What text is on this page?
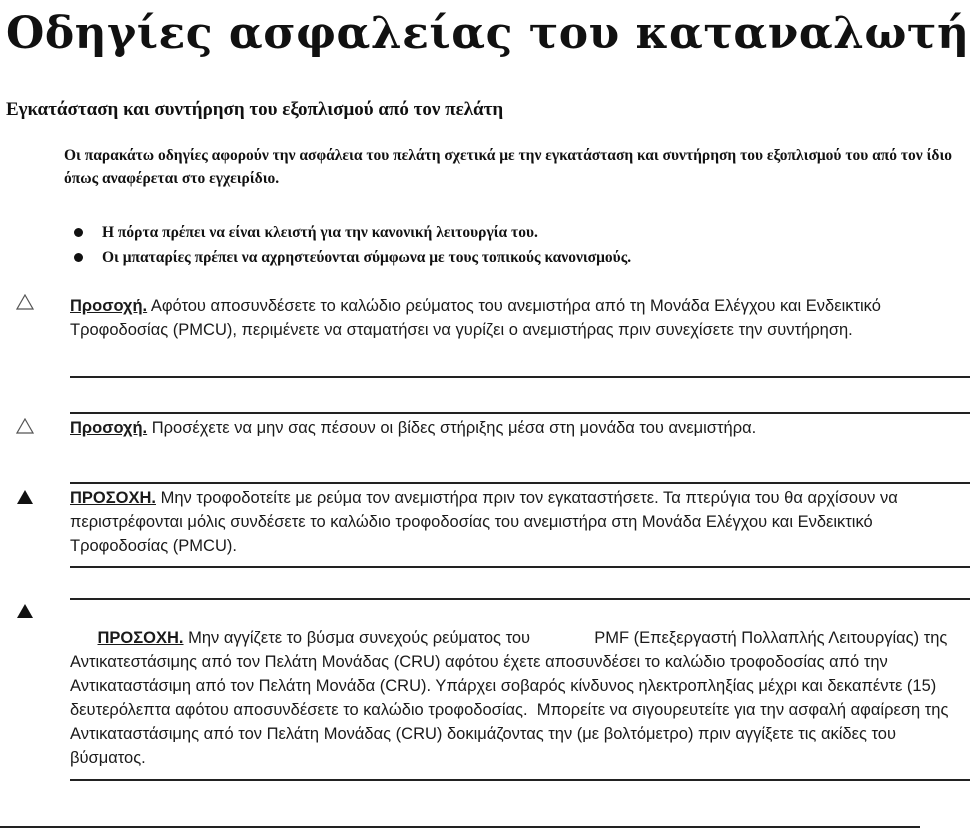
Οδηγίες ασφαλείας του καταναλωτή
Εγκατάσταση και συντήρηση του εξοπλισμού από τον πελάτη
Οι παρακάτω οδηγίες αφορούν την ασφάλεια του πελάτη σχετικά με την εγκατάσταση και συντήρηση του εξοπλισμού του από τον ίδιο όπως αναφέρεται στο εγχειρίδιο.
Η πόρτα πρέπει να είναι κλειστή για την κανονική λειτουργία του.
Οι μπαταρίες πρέπει να αχρηστεύονται σύμφωνα με τους τοπικούς κανονισμούς.
Προσοχή. Αφότου αποσυνδέσετε το καλώδιο ρεύματος του ανεμιστήρα από τη Μονάδα Ελέγχου και Ενδεικτικό Τροφοδοσίας (PMCU), περιμένετε να σταματήσει να γυρίζει ο ανεμιστήρας πριν συνεχίσετε την συντήρηση.
Προσοχή. Προσέχετε να μην σας πέσουν οι βίδες στήριξης μέσα στη μονάδα του ανεμιστήρα.
ΠΡΟΣΟΧΗ. Μην τροφοδοτείτε με ρεύμα τον ανεμιστήρα πριν τον εγκαταστήσετε. Τα πτερύγια του θα αρχίσουν να περιστρέφονται μόλις συνδέσετε το καλώδιο τροφοδοσίας του ανεμιστήρα στη Μονάδα Ελέγχου και Ενδεικτικό Τροφοδοσίας (PMCU).

ΠΡΟΣΟΧΗ. Μην αγγίζετε το βύσμα συνεχούς ρεύματος του              PMF (Επεξεργαστή Πολλαπλής Λειτουργίας) της Αντικατεστάσιμης από τον Πελάτη Μονάδας (CRU) αφότου έχετε αποσυνδέσει το καλώδιο τροφοδοσίας από την Αντικαταστάσιμη από τον Πελάτη Μονάδα (CRU). Υπάρχει σοβαρός κίνδυνος ηλεκτροπληξίας μέχρι και δεκαπέντε (15) δευτερόλεπτα αφότου αποσυνδέσετε το καλώδιο τροφοδοσίας.  Μπορείτε να σιγουρευτείτε για την ασφαλή αφαίρεση της Αντικαταστάσιμης από τον Πελάτη Μονάδας (CRU) δοκιμάζοντας την (με βολτόμετρο) πριν αγγίξετε τις ακίδες του βύσματος.
